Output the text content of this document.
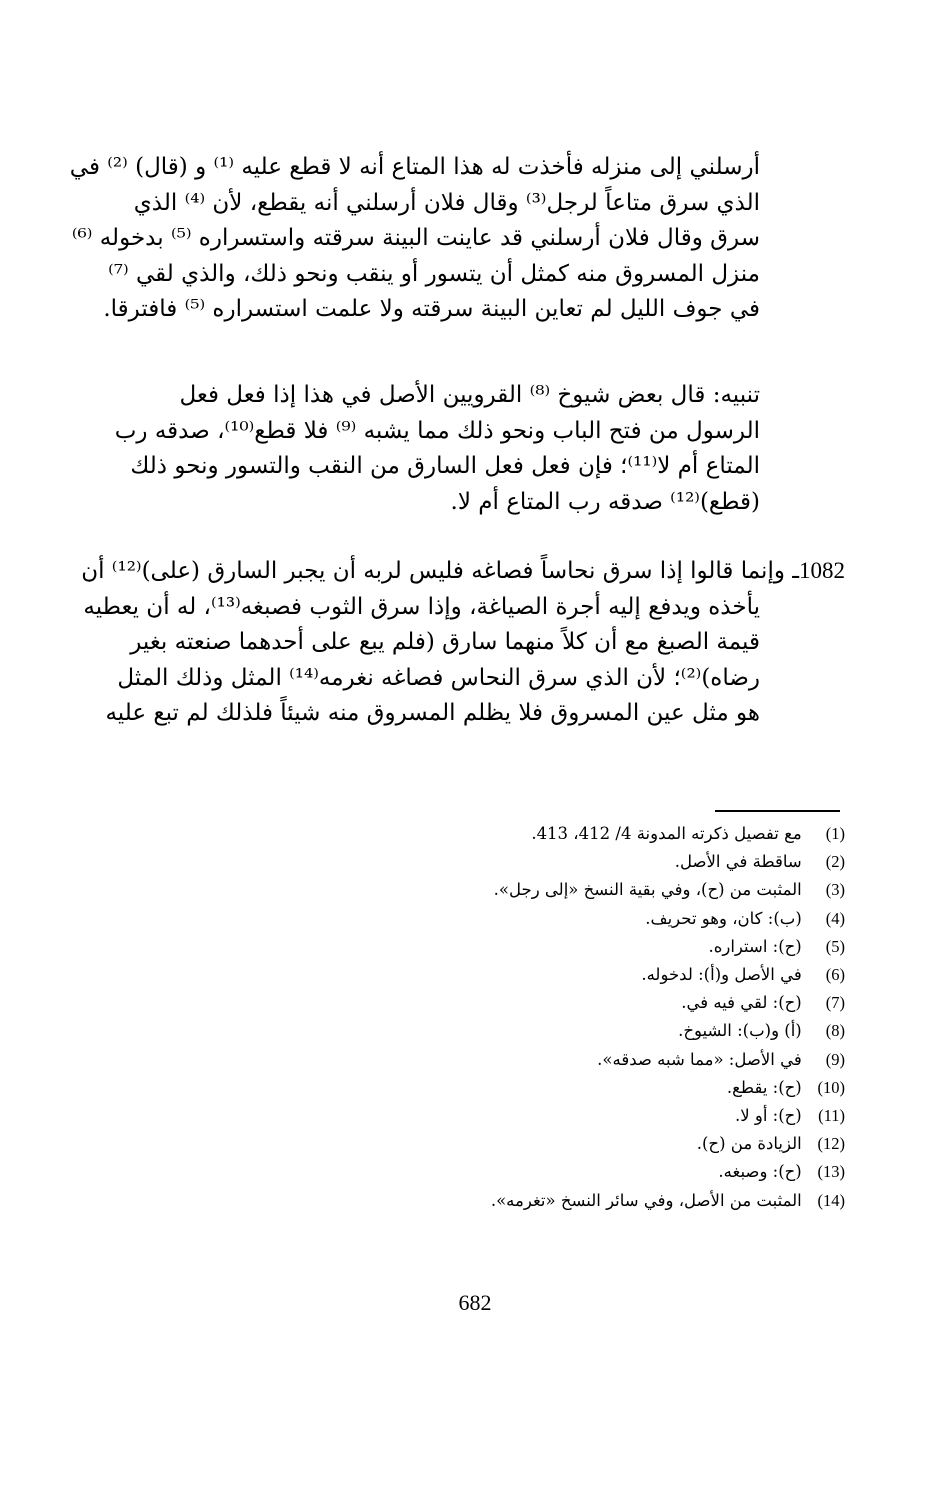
أرسلني إلى منزله فأخذت له هذا المتاع أنه لا قطع عليه ⁽¹⁾ و (قال) ⁽²⁾ في
الذي سرق متاعاً لرجل⁽³⁾ وقال فلان أرسلني أنه يقطع، لأن ⁽⁴⁾ الذي
سرق وقال فلان أرسلني قد عاينت البينة سرقته واستسراره ⁽⁵⁾ بدخوله ⁽⁶⁾
منزل المسروق منه كمثل أن يتسور أو ينقب ونحو ذلك، والذي لقي ⁽⁷⁾
في جوف الليل لم تعاين البينة سرقته ولا علمت استسراره ⁽⁵⁾ فافترقا.
تنبيه: قال بعض شيوخ ⁽⁸⁾ القرويين الأصل في هذا إذا فعل فعل
الرسول من فتح الباب ونحو ذلك مما يشبه ⁽⁹⁾ فلا قطع⁽¹⁰⁾، صدقه رب
المتاع أم لا⁽¹¹⁾؛ فإن فعل فعل السارق من النقب والتسور ونحو ذلك
(قطع)⁽¹²⁾ صدقه رب المتاع أم لا.
1082ـ وإنما قالوا إذا سرق نحاساً فصاغه فليس لربه أن يجبر السارق (على)⁽¹²⁾ أن
يأخذه ويدفع إليه أجرة الصياغة، وإذا سرق الثوب فصبغه⁽¹³⁾، له أن يعطيه
قيمة الصبغ مع أن كلاً منهما سارق (فلم يبع على أحدهما صنعته بغير
رضاه)⁽²⁾؛ لأن الذي سرق النحاس فصاغه نغرمه⁽¹⁴⁾ المثل وذلك المثل
هو مثل عين المسروق فلا يظلم المسروق منه شيئاً فلذلك لم تبع عليه
(1) مع تفصيل ذكرته المدونة 4/ 412، 413.
(2) ساقطة في الأصل.
(3) المثبت من (ح)، وفي بقية النسخ «إلى رجل».
(4) (ب): كان، وهو تحريف.
(5) (ح): استراره.
(6) في الأصل و(أ): لدخوله.
(7) (ح): لقي فيه في.
(8) (أ) و(ب): الشيوخ.
(9) في الأصل: «مما شبه صدقه».
(10) (ح): يقطع.
(11) (ح): أو لا.
(12) الزيادة من (ح).
(13) (ح): وصبغه.
(14) المثبت من الأصل، وفي سائر النسخ «تغرمه».
682
